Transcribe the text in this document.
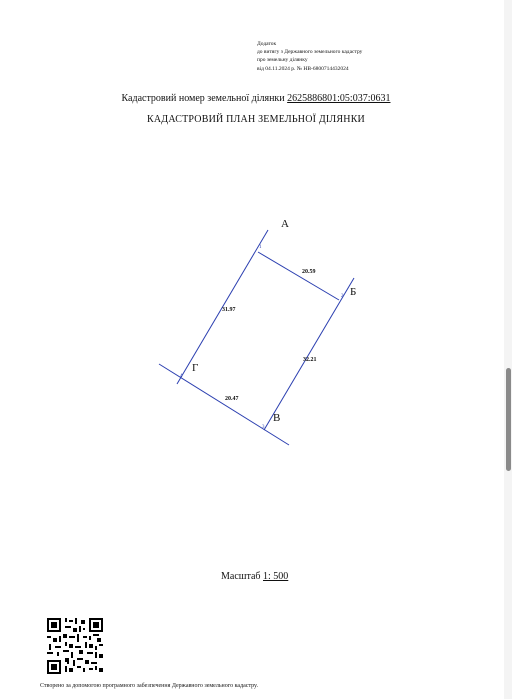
Додаток
до витягу з Державного земельного кадастру
про земельну ділянку
від 04.11.2024 р. № НВ-6800714432024
Кадастровий номер земельної ділянки 2625886801:05:037:0631
КАДАСТРОВИЙ ПЛАН ЗЕМЕЛЬНОЇ ДІЛЯНКИ
А
Б
В
Г
1
2
3
4
20.59
32.21
20.47
31.97
Масштаб 1: 500
Створено за допомогою програмного забезпечення Державного земельного кадастру.
